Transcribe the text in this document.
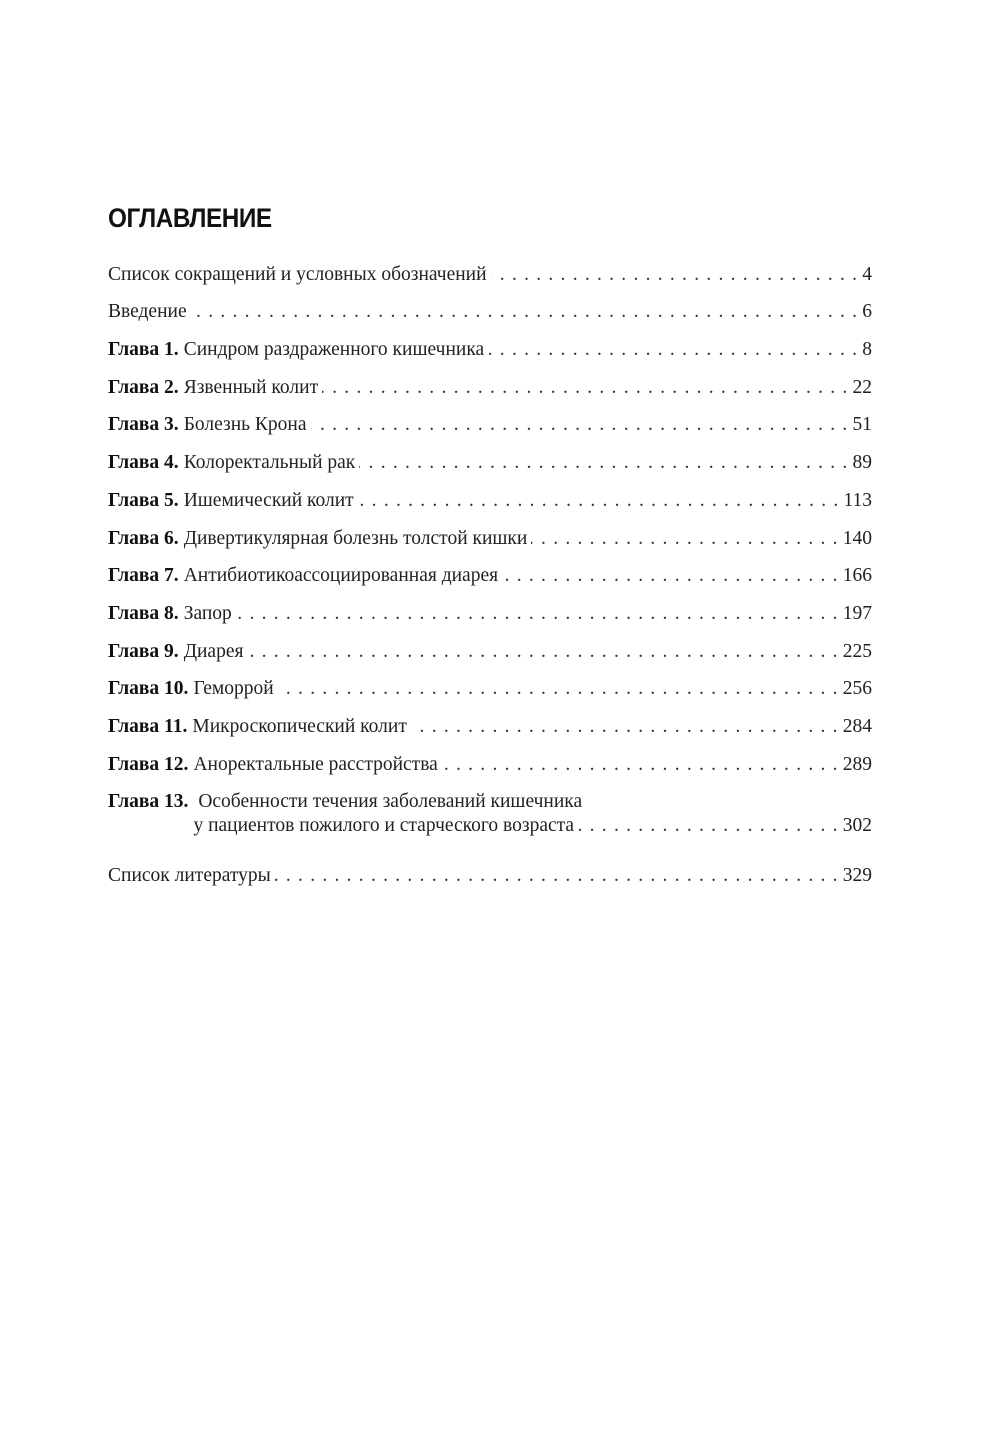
ОГЛАВЛЕНИЕ
Список сокращений и условных обозначений . . .	4
Введение . . .	6
Глава 1. Синдром раздраженного кишечника . . .	8
Глава 2. Язвенный колит . . .	22
Глава 3. Болезнь Крона . . .	51
Глава 4. Колоректальный рак . . .	89
Глава 5. Ишемический колит . . .	113
Глава 6. Дивертикулярная болезнь толстой кишки . . .	140
Глава 7. Антибиотикоассоциированная диарея . . .	166
Глава 8. Запор . . .	197
Глава 9. Диарея . . .	225
Глава 10. Геморрой . . .	256
Глава 11. Микроскопический колит . . .	284
Глава 12. Аноректальные расстройства . . .	289
Глава 13. Особенности течения заболеваний кишечника
у пациентов пожилого и старческого возраста . . .	302
Список литературы . . .	329
